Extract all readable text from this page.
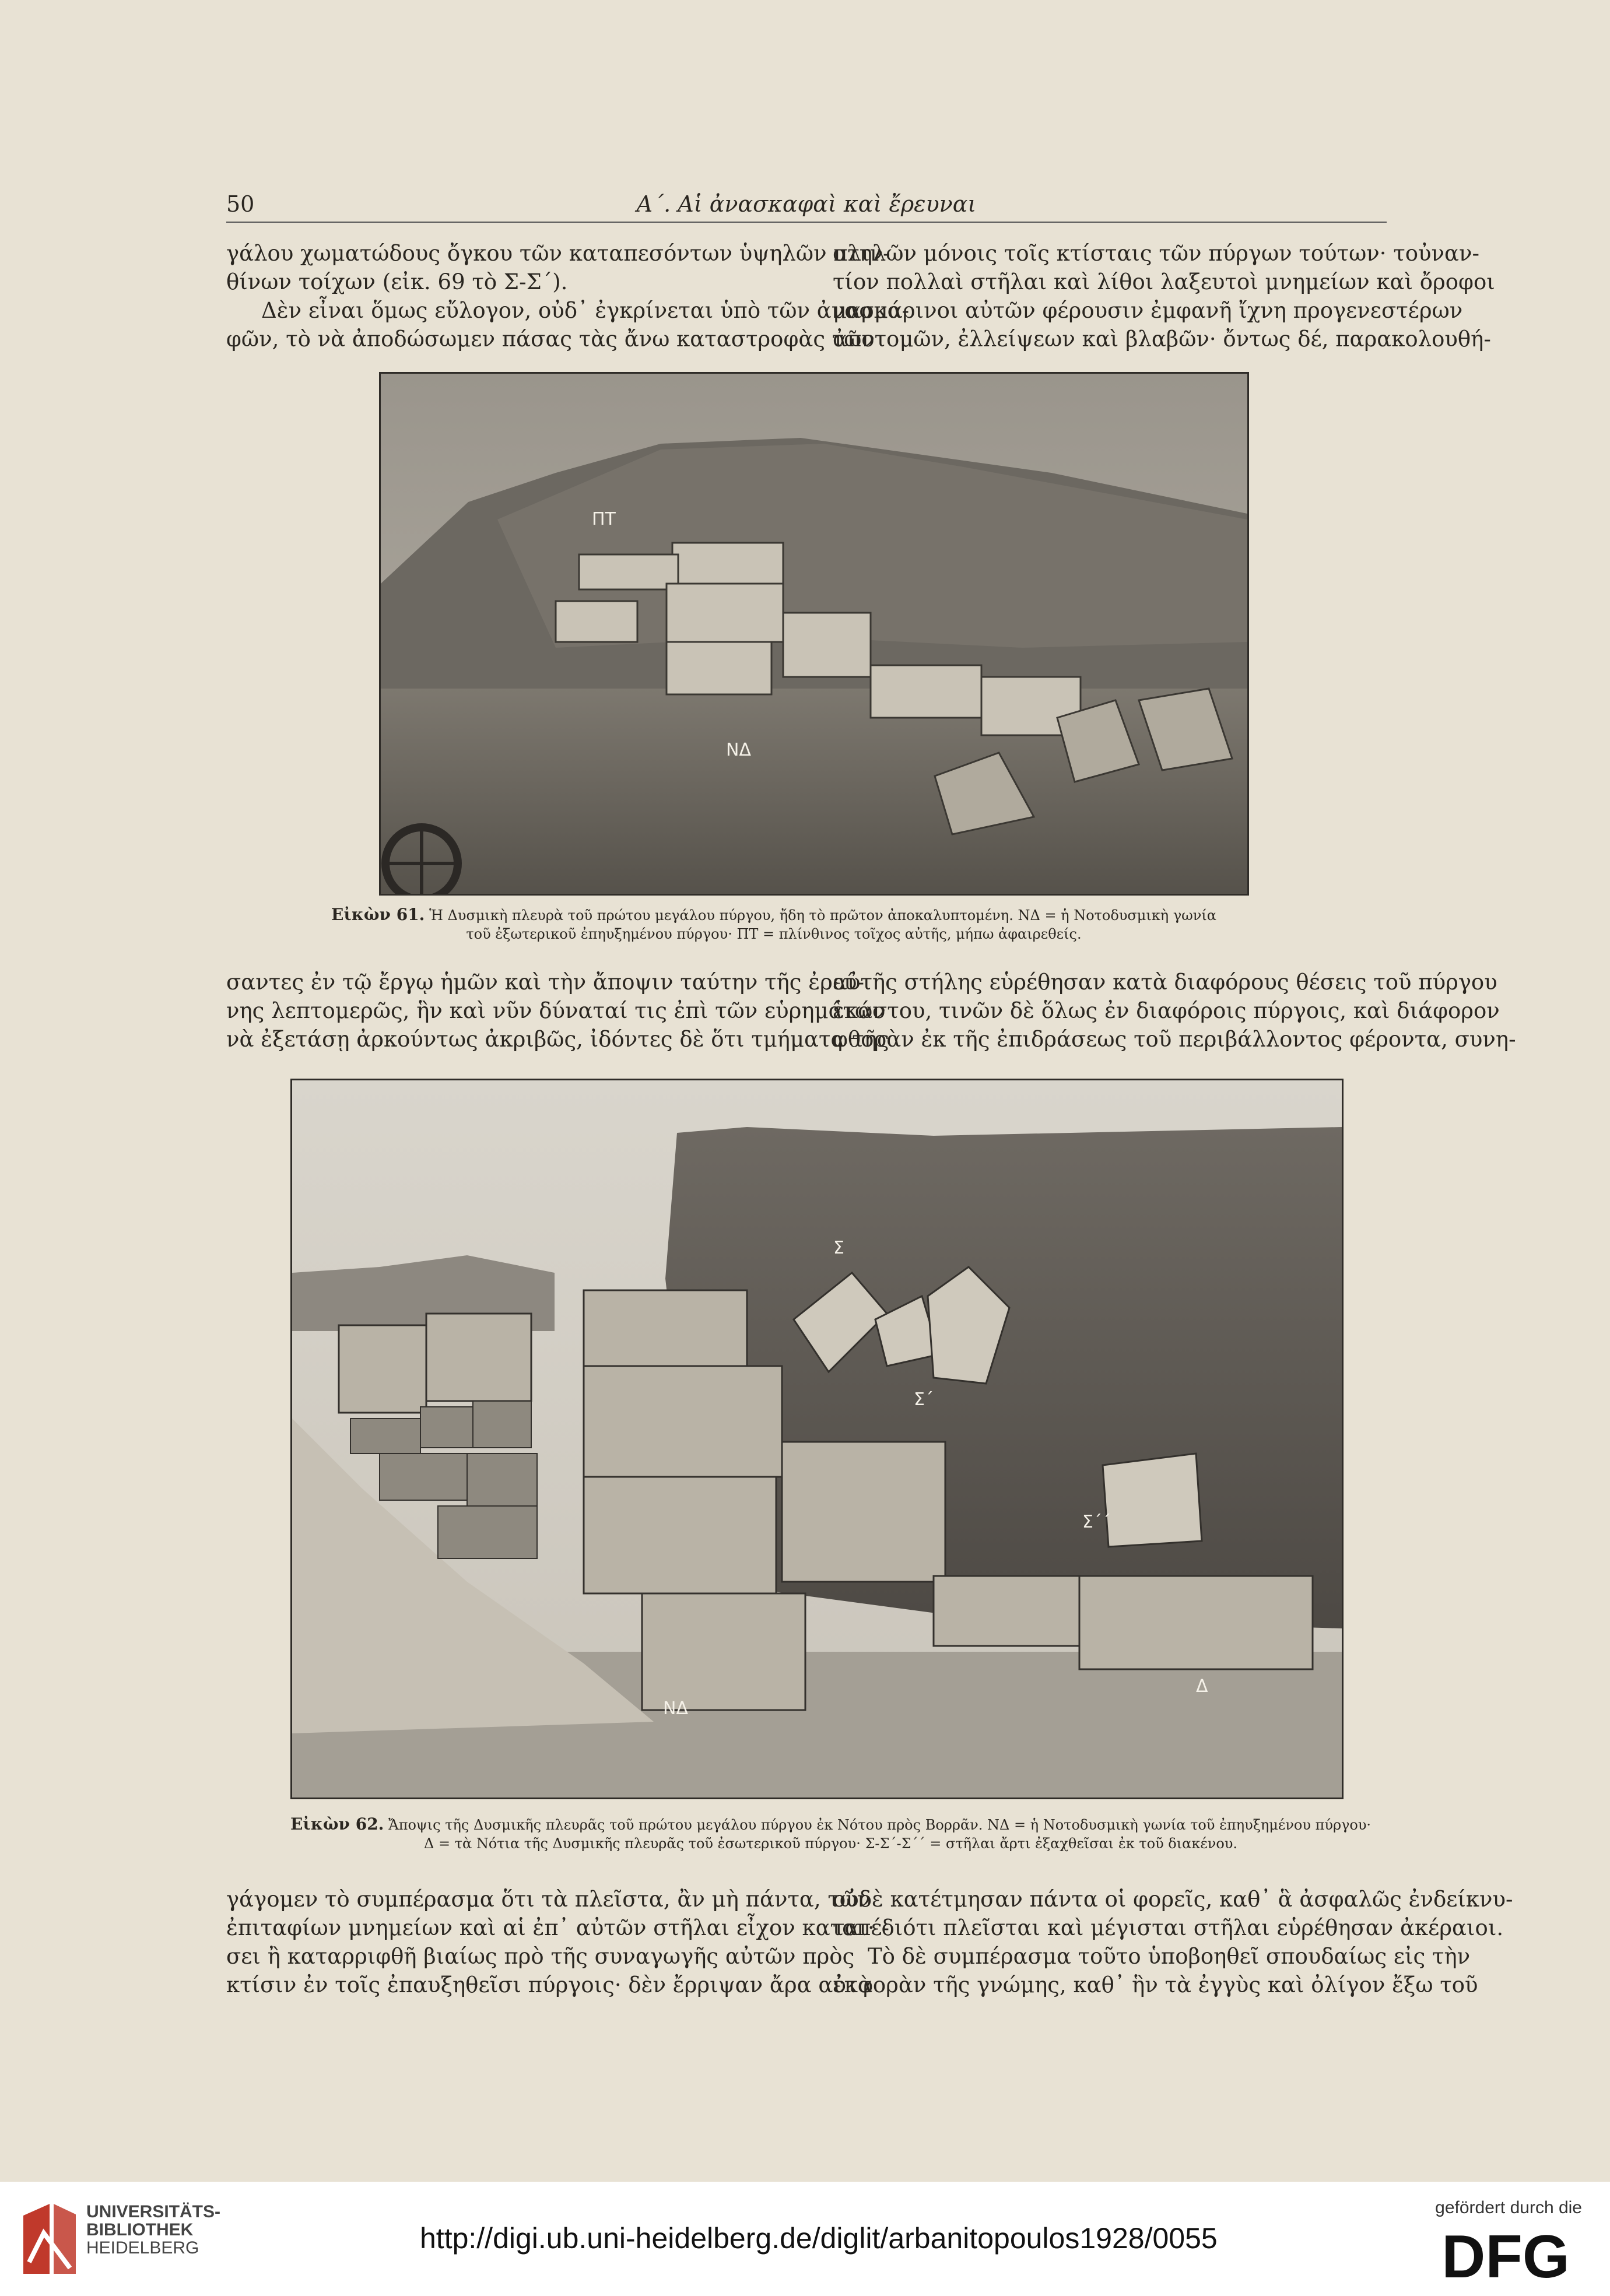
50	Α΄. Αἱ ἀνασκαφαὶ καὶ ἔρευναι
γάλου χωματώδους ὄγκου τῶν καταπεσόντων ὑψηλῶν πλιν-
θίνων τοίχων (εἰκ. 69 τὸ Σ-Σ΄).
Δὲν εἶναι ὅμως εὔλογον, οὐδ᾿ ἐγκρίνεται ὑπὸ τῶν ἀνασκα-
φῶν, τὸ νὰ ἀποδώσωμεν πάσας τὰς ἄνω καταστροφὰς τῶν
στηλῶν μόνοις τοῖς κτίσταις τῶν πύργων τούτων· τοὐναν-
τίον πολλαὶ στῆλαι καὶ λίθοι λαξευτοὶ μνημείων καὶ ὄροφοι
μαρμάρινοι αὐτῶν φέρουσιν ἐμφανῆ ἴχνη προγενεστέρων
ἀποτομῶν, ἐλλείψεων καὶ βλαβῶν· ὄντως δέ, παρακολουθή-
ΠΤ
ΝΔ
Εἰκὼν 61. Ἡ Δυσμικὴ πλευρὰ τοῦ πρώτου μεγάλου πύργου, ἤδη τὸ πρῶτον ἀποκαλυπτομένη. ΝΔ = ἡ Νοτοδυσμικὴ γωνία
τοῦ ἐξωτερικοῦ ἐπηυξημένου πύργου· ΠΤ = πλίνθινος τοῖχος αὐτῆς, μήπω ἀφαιρεθείς.
σαντες ἐν τῷ ἔργῳ ἡμῶν καὶ τὴν ἄποψιν ταύτην τῆς ἐρεύ-
νης λεπτομερῶς, ἣν καὶ νῦν δύναταί τις ἐπὶ τῶν εὑρημάτων
νὰ ἐξετάσῃ ἀρκούντως ἀκριβῶς, ἰδόντες δὲ ὅτι τμήματα τῆς
αὐτῆς στήλης εὑρέθησαν κατὰ διαφόρους θέσεις τοῦ πύργου
ἑκάστου, τινῶν δὲ ὅλως ἐν διαφόροις πύργοις, καὶ διάφορον
φθορὰν ἐκ τῆς ἐπιδράσεως τοῦ περιβάλλοντος φέροντα, συνη-
Σ
Σ΄
Σ΄΄
ΝΔ
Δ
Εἰκὼν 62. Ἄποψις τῆς Δυσμικῆς πλευρᾶς τοῦ πρώτου μεγάλου πύργου ἐκ Νότου πρὸς Βορρᾶν. ΝΔ = ἡ Νοτοδυσμικὴ γωνία τοῦ ἐπηυξημένου πύργου·
Δ = τὰ Νότια τῆς Δυσμικῆς πλευρᾶς τοῦ ἐσωτερικοῦ πύργου· Σ-Σ΄-Σ΄΄ = στῆλαι ἄρτι ἐξαχθεῖσαι ἐκ τοῦ διακένου.
γάγομεν τὸ συμπέρασμα ὅτι τὰ πλεῖστα, ἂν μὴ πάντα, τῶν
ἐπιταφίων μνημείων καὶ αἱ ἐπ᾿ αὐτῶν στῆλαι εἶχον καταπέ-
σει ἢ καταρριφθῆ βιαίως πρὸ τῆς συναγωγῆς αὐτῶν πρὸς
κτίσιν ἐν τοῖς ἐπαυξηθεῖσι πύργοις· δὲν ἔρριψαν ἄρα αὐτὰ
οὐδὲ κατέτμησαν πάντα οἱ φορεῖς, καθ᾿ ἃ ἀσφαλῶς ἐνδείκνυ-
ται· διότι πλεῖσται καὶ μέγισται στῆλαι εὑρέθησαν ἀκέραιοι.
Τὸ δὲ συμπέρασμα τοῦτο ὑποβοηθεῖ σπουδαίως εἰς τὴν
ἐκφορὰν τῆς γνώμης, καθ᾿ ἣν τὰ ἐγγὺς καὶ ὀλίγον ἔξω τοῦ
UNIVERSITÄTS-
BIBLIOTHEK
HEIDELBERG	http://digi.ub.uni-heidelberg.de/diglit/arbanitopoulos1928/0055
gefördert durch die
DFG
